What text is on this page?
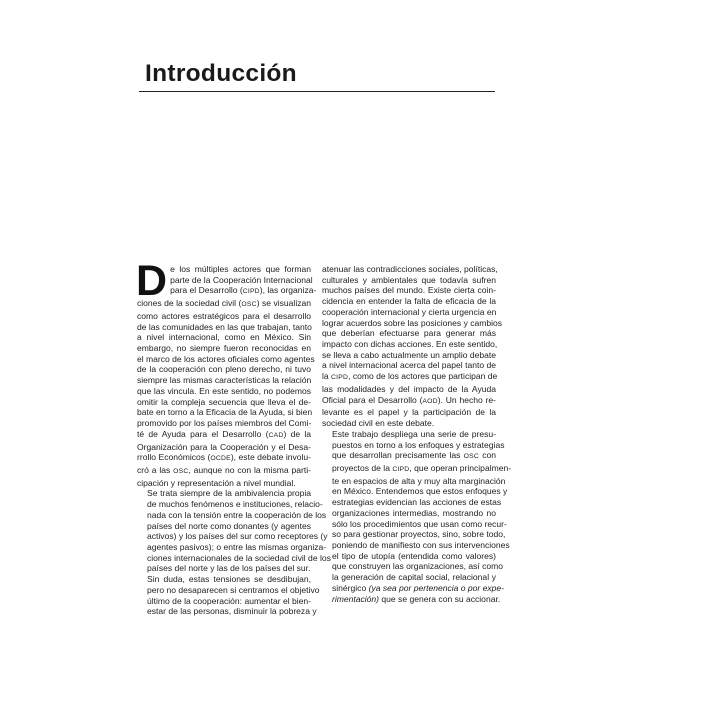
Introducción

D e los múltiples actores que forman
parte de la Cooperación Internacional
para el Desarrollo (CIPD), las organiza-
ciones de la sociedad civil (OSC) se visualizan
como actores estratégicos para el desarrollo
de las comunidades en las que trabajan, tanto
a nivel internacional, como en México. Sin
embargo, no siempre fueron reconocidas en
el marco de los actores oficiales como agentes
de la cooperación con pleno derecho, ni tuvo
siempre las mismas características la relación
que las vincula. En este sentido, no podemos
omitir la compleja secuencia que lleva el de-
bate en torno a la Eficacia de la Ayuda, si bien
promovido por los países miembros del Comi-
té de Ayuda para el Desarrollo (CAD) de la
Organización para la Cooperación y el Desa-
rrollo Económicos (OCDE), este debate involu-
cró a las OSC, aunque no con la misma parti-
cipación y representación a nivel mundial.

Se trata siempre de la ambivalencia propia
de muchos fenómenos e instituciones, relacio-
nada con la tensión entre la cooperación de los
países del norte como donantes (y agentes
activos) y los países del sur como receptores (y
agentes pasivos); o entre las mismas organiza-
ciones internacionales de la sociedad civil de los
países del norte y las de los países del sur.

Sin duda, estas tensiones se desdibujan,
pero no desaparecen si centramos el objetivo
último de la cooperación: aumentar el bien-
estar de las personas, disminuir la pobreza y

atenuar las contradicciones sociales, políticas,
culturales y ambientales que todavía sufren
muchos países del mundo. Existe cierta coin-
cidencia en entender la falta de eficacia de la
cooperación internacional y cierta urgencia en
lograr acuerdos sobre las posiciones y cambios
que deberían efectuarse para generar más
impacto con dichas acciones. En este sentido,
se lleva a cabo actualmente un amplio debate
a nivel internacional acerca del papel tanto de
la CIPD, como de los actores que participan de
las modalidades y del impacto de la Ayuda
Oficial para el Desarrollo (AOD). Un hecho re-
levante es el papel y la participación de la
sociedad civil en este debate.

Este trabajo despliega una serie de presu-
puestos en torno a los enfoques y estrategias
que desarrollan precisamente las OSC con
proyectos de la CIPD, que operan principalmen-
te en espacios de alta y muy alta marginación
en México. Entendemos que estos enfoques y
estrategias evidencian las acciones de estas
organizaciones intermedias, mostrando no
sólo los procedimientos que usan como recur-
so para gestionar proyectos, sino, sobre todo,
poniendo de manifiesto con sus intervenciones
el tipo de utopía (entendida como valores)
que construyen las organizaciones, así como
la generación de capital social, relacional y
sinérgico (ya sea por pertenencia o por expe-
rimentación) que se genera con su accionar.
